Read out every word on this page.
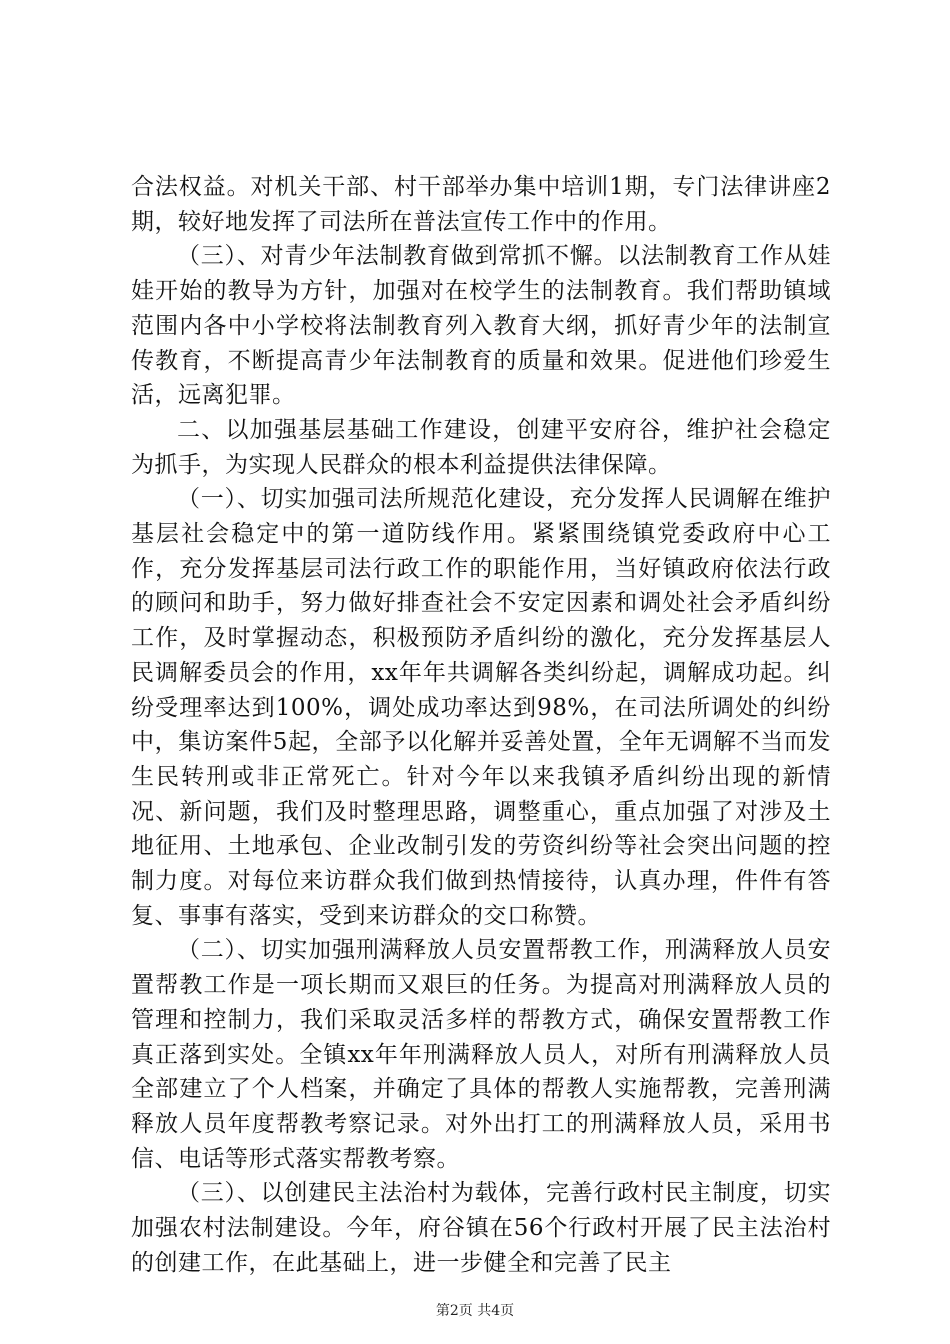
合法权益。对机关干部、村干部举办集中培训1期，专门法律讲座2期，较好地发挥了司法所在普法宣传工作中的作用。

（三）、对青少年法制教育做到常抓不懈。以法制教育工作从娃娃开始的教导为方针，加强对在校学生的法制教育。我们帮助镇域范围内各中小学校将法制教育列入教育大纲，抓好青少年的法制宣传教育，不断提高青少年法制教育的质量和效果。促进他们珍爱生活，远离犯罪。

二、以加强基层基础工作建设，创建平安府谷，维护社会稳定为抓手，为实现人民群众的根本利益提供法律保障。

（一）、切实加强司法所规范化建设，充分发挥人民调解在维护基层社会稳定中的第一道防线作用。紧紧围绕镇党委政府中心工作，充分发挥基层司法行政工作的职能作用，当好镇政府依法行政的顾问和助手，努力做好排查社会不安定因素和调处社会矛盾纠纷工作，及时掌握动态，积极预防矛盾纠纷的激化，充分发挥基层人民调解委员会的作用，xx年年共调解各类纠纷起，调解成功起。纠纷受理率达到100%，调处成功率达到98%，在司法所调处的纠纷中，集访案件5起，全部予以化解并妥善处置，全年无调解不当而发生民转刑或非正常死亡。针对今年以来我镇矛盾纠纷出现的新情况、新问题，我们及时整理思路，调整重心，重点加强了对涉及土地征用、土地承包、企业改制引发的劳资纠纷等社会突出问题的控制力度。对每位来访群众我们做到热情接待，认真办理，件件有答复、事事有落实，受到来访群众的交口称赞。

（二）、切实加强刑满释放人员安置帮教工作，刑满释放人员安置帮教工作是一项长期而又艰巨的任务。为提高对刑满释放人员的管理和控制力，我们采取灵活多样的帮教方式，确保安置帮教工作真正落到实处。全镇xx年年刑满释放人员人，对所有刑满释放人员全部建立了个人档案，并确定了具体的帮教人实施帮教，完善刑满释放人员年度帮教考察记录。对外出打工的刑满释放人员，采用书信、电话等形式落实帮教考察。

（三）、以创建民主法治村为载体，完善行政村民主制度，切实加强农村法制建设。今年，府谷镇在56个行政村开展了民主法治村的创建工作，在此基础上，进一步健全和完善了民主

第2页 共4页
